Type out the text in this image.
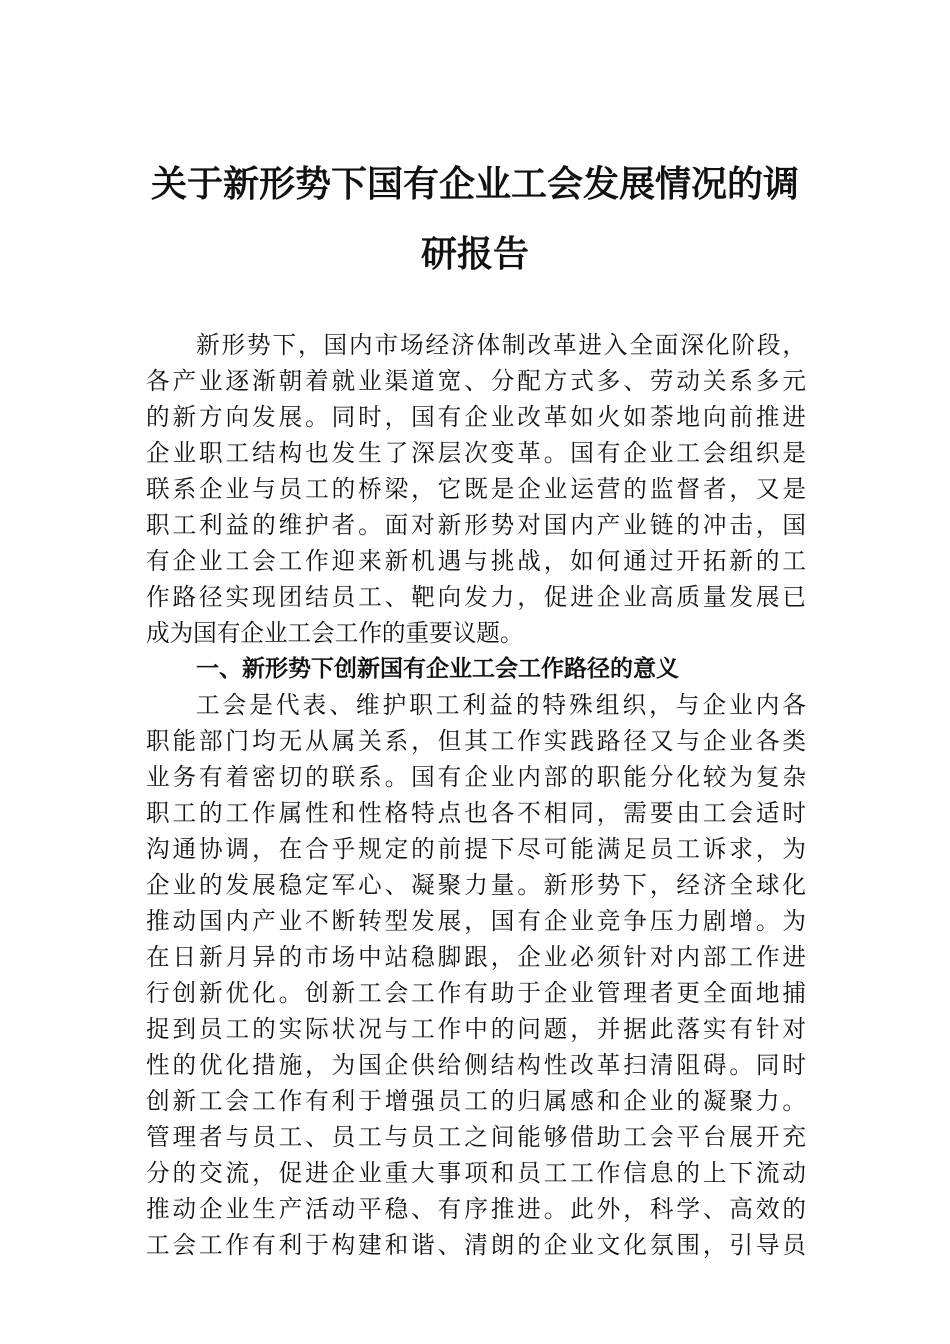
关于新形势下国有企业工会发展情况的调
研报告
新形势下，国内市场经济体制改革进入全面深化阶段，
各产业逐渐朝着就业渠道宽、分配方式多、劳动关系多元
的新方向发展。同时，国有企业改革如火如荼地向前推进
企业职工结构也发生了深层次变革。国有企业工会组织是
联系企业与员工的桥梁，它既是企业运营的监督者，又是
职工利益的维护者。面对新形势对国内产业链的冲击，国
有企业工会工作迎来新机遇与挑战，如何通过开拓新的工
作路径实现团结员工、靶向发力，促进企业高质量发展已
成为国有企业工会工作的重要议题。
一、新形势下创新国有企业工会工作路径的意义
工会是代表、维护职工利益的特殊组织，与企业内各
职能部门均无从属关系，但其工作实践路径又与企业各类
业务有着密切的联系。国有企业内部的职能分化较为复杂
职工的工作属性和性格特点也各不相同，需要由工会适时
沟通协调，在合乎规定的前提下尽可能满足员工诉求，为
企业的发展稳定军心、凝聚力量。新形势下，经济全球化
推动国内产业不断转型发展，国有企业竞争压力剧增。为
在日新月异的市场中站稳脚跟，企业必须针对内部工作进
行创新优化。创新工会工作有助于企业管理者更全面地捕
捉到员工的实际状况与工作中的问题，并据此落实有针对
性的优化措施，为国企供给侧结构性改革扫清阻碍。同时
创新工会工作有利于增强员工的归属感和企业的凝聚力。
管理者与员工、员工与员工之间能够借助工会平台展开充
分的交流，促进企业重大事项和员工工作信息的上下流动
推动企业生产活动平稳、有序推进。此外，科学、高效的
工会工作有利于构建和谐、清朗的企业文化氛围，引导员
